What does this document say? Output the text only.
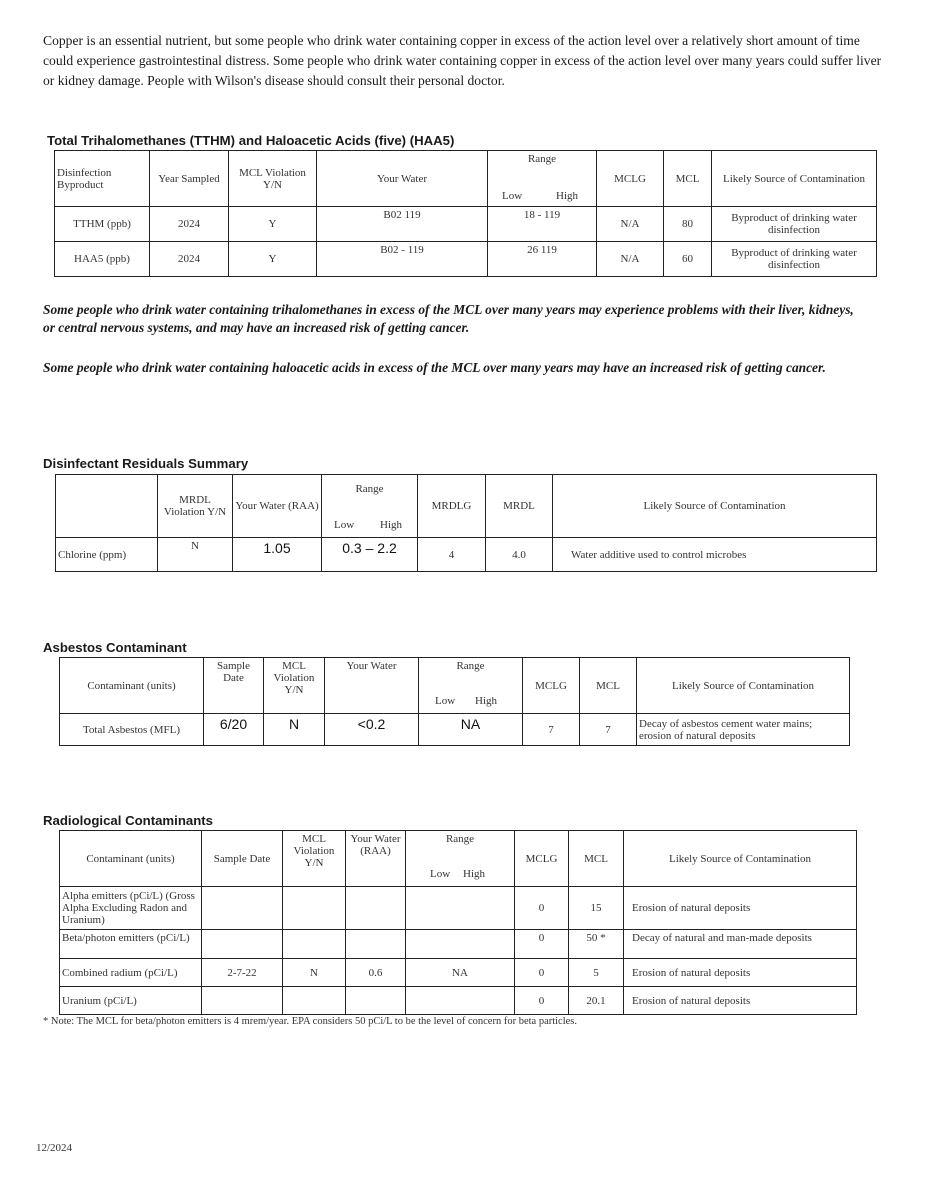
Copper is an essential nutrient, but some people who drink water containing copper in excess of the action level over a relatively short amount of time could experience gastrointestinal distress. Some people who drink water containing copper in excess of the action level over many years could suffer liver or kidney damage. People with Wilson's disease should consult their personal doctor.

Total Trihalomethanes (TTHM) and Haloacetic Acids (five) (HAA5)

Disinfection Byproduct	Year Sampled	MCL Violation Y/N	Your Water	Range
Low High	MCLG	MCL	Likely Source of Contamination
TTHM (ppb)	2024	Y	B02 119	18 - 119	N/A	80	Byproduct of drinking water disinfection
HAA5 (ppb)	2024	Y	B02 - 119	26 119	N/A	60	Byproduct of drinking water disinfection

Some people who drink water containing trihalomethanes in excess of the MCL over many years may experience problems with their liver, kidneys, or central nervous systems, and may have an increased risk of getting cancer.

Some people who drink water containing haloacetic acids in excess of the MCL over many years may have an increased risk of getting cancer.

Disinfectant Residuals Summary

	MRDL Violation Y/N	Your Water (RAA)	Range
Low High	MRDLG	MRDL	Likely Source of Contamination
Chlorine (ppm)	N	1.05	0.3 – 2.2	4	4.0	Water additive used to control microbes

Asbestos Contaminant

Contaminant (units)	Sample Date	MCL Violation Y/N	Your Water	Range
Low High	MCLG	MCL	Likely Source of Contamination
Total Asbestos (MFL)	6/20	N	<0.2	NA	7	7	Decay of asbestos cement water mains; erosion of natural deposits

Radiological Contaminants

Contaminant (units)	Sample Date	MCL Violation Y/N	Your Water (RAA)	Range
Low High	MCLG	MCL	Likely Source of Contamination
Alpha emitters (pCi/L) (Gross Alpha Excluding Radon and Uranium)					0	15	Erosion of natural deposits
Beta/photon emitters (pCi/L)					0	50 *	Decay of natural and man-made deposits
Combined radium (pCi/L)	2-7-22	N	0.6	NA	0	5	Erosion of natural deposits
Uranium (pCi/L)					0	20.1	Erosion of natural deposits

* Note: The MCL for beta/photon emitters is 4 mrem/year. EPA considers 50 pCi/L to be the level of concern for beta particles.

12/2024
